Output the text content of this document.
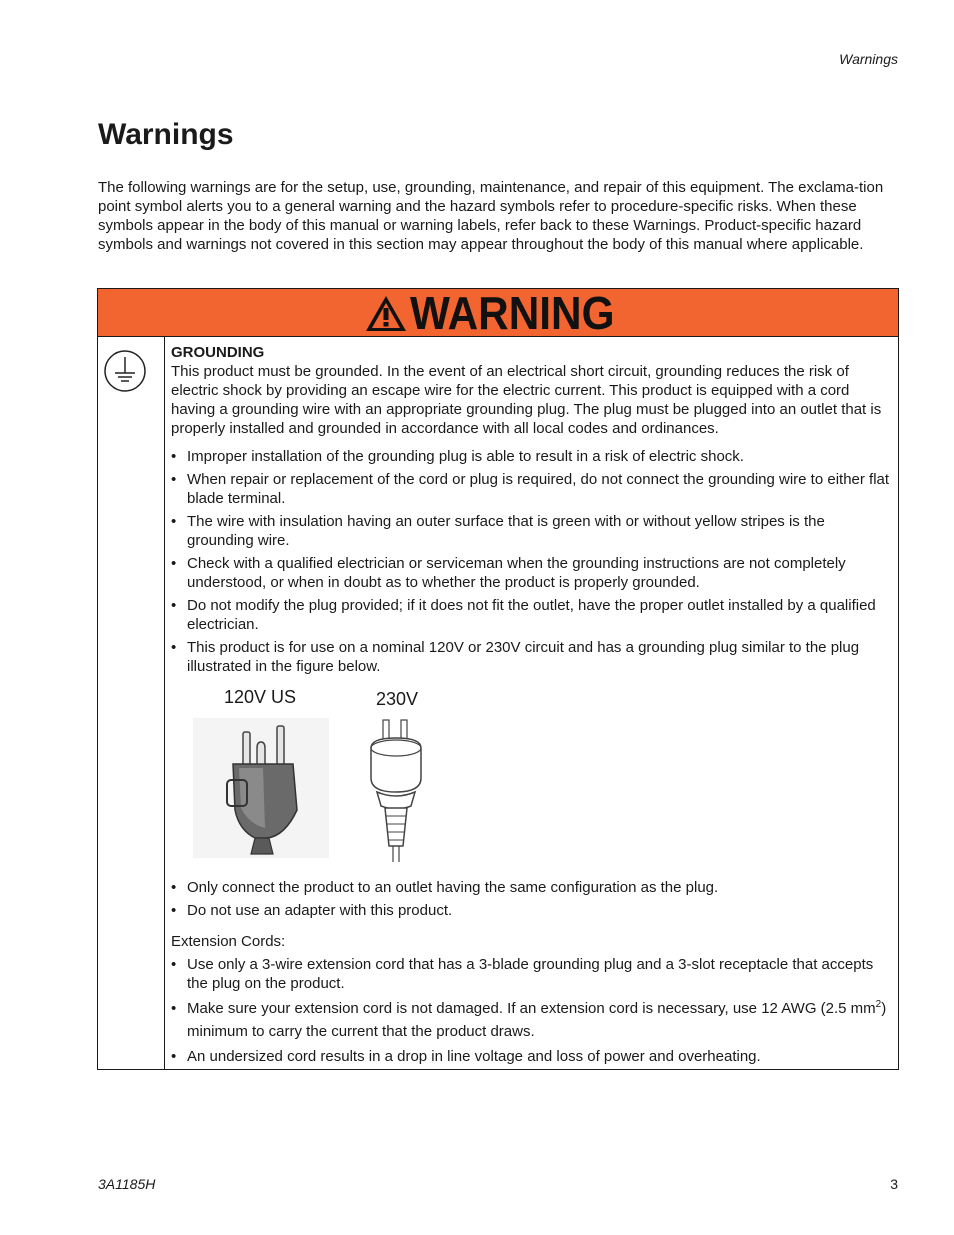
Warnings
Warnings

The following warnings are for the setup, use, grounding, maintenance, and repair of this equipment. The exclama-tion point symbol alerts you to a general warning and the hazard symbols refer to procedure-specific risks. When these symbols appear in the body of this manual or warning labels, refer back to these Warnings. Product-specific hazard symbols and warnings not covered in this section may appear throughout the body of this manual where applicable.

WARNING

GROUNDING

This product must be grounded. In the event of an electrical short circuit, grounding reduces the risk of electric shock by providing an escape wire for the electric current. This product is equipped with a cord having a grounding wire with an appropriate grounding plug. The plug must be plugged into an outlet that is properly installed and grounded in accordance with all local codes and ordinances.

• Improper installation of the grounding plug is able to result in a risk of electric shock.
• When repair or replacement of the cord or plug is required, do not connect the grounding wire to either flat blade terminal.
• The wire with insulation having an outer surface that is green with or without yellow stripes is the grounding wire.
• Check with a qualified electrician or serviceman when the grounding instructions are not completely understood, or when in doubt as to whether the product is properly grounded.
• Do not modify the plug provided; if it does not fit the outlet, have the proper outlet installed by a qualified electrician.
• This product is for use on a nominal 120V or 230V circuit and has a grounding plug similar to the plug illustrated in the figure below.
120V US	230V
• Only connect the product to an outlet having the same configuration as the plug.
• Do not use an adapter with this product.

Extension Cords:

• Use only a 3-wire extension cord that has a 3-blade grounding plug and a 3-slot receptacle that accepts the plug on the product.
• Make sure your extension cord is not damaged. If an extension cord is necessary, use 12 AWG (2.5 $mm^2$) minimum to carry the current that the product draws.
• An undersized cord results in a drop in line voltage and loss of power and overheating.
3A1185H	3
